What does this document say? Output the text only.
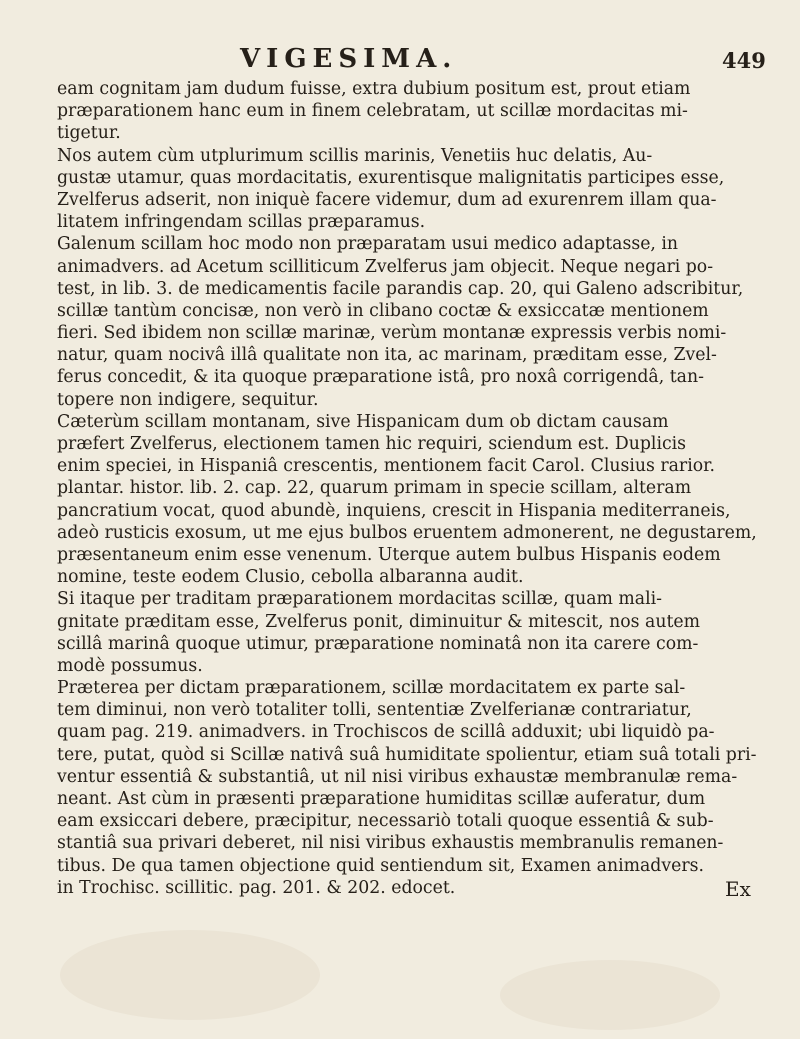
VIGESIMA.	449
eam cognitam jam dudum fuisse, extra dubium positum est, prout etiam
præparationem hanc eum in finem celebratam, ut scillæ mordacitas mi-
tigetur.
Nos autem cùm utplurimum scillis marinis, Venetiis huc delatis, Au-
gustæ utamur, quas mordacitatis, exurentisque malignitatis participes esse,
Zvelferus adserit, non iniquè facere videmur, dum ad exurenrem illam qua-
litatem infringendam scillas præparamus.
Galenum scillam hoc modo non præparatam usui medico adaptasse, in
animadvers. ad Acetum scilliticum Zvelferus jam objecit. Neque negari po-
test, in lib. 3. de medicamentis facile parandis cap. 20, qui Galeno adscribitur,
scillæ tantùm concisæ, non verò in clibano coctæ & exsiccatæ mentionem
fieri. Sed ibidem non scillæ marinæ, verùm montanæ expressis verbis nomi-
natur, quam nocivâ illâ qualitate non ita, ac marinam, præditam esse, Zvel-
ferus concedit, & ita quoque præparatione istâ, pro noxâ corrigendâ, tan-
topere non indigere, sequitur.
Cæterùm scillam montanam, sive Hispanicam dum ob dictam causam
præfert Zvelferus, electionem tamen hic requiri, sciendum est. Duplicis
enim speciei, in Hispaniâ crescentis, mentionem facit Carol. Clusius rarior.
plantar. histor. lib. 2. cap. 22, quarum primam in specie scillam, alteram
pancratium vocat, quod abundè, inquiens, crescit in Hispania mediterraneis,
adeò rusticis exosum, ut me ejus bulbos eruentem admonerent, ne degustarem,
præsentaneum enim esse venenum. Uterque autem bulbus Hispanis eodem
nomine, teste eodem Clusio, cebolla albaranna audit.
Si itaque per traditam præparationem mordacitas scillæ, quam mali-
gnitate præditam esse, Zvelferus ponit, diminuitur & mitescit, nos autem
scillâ marinâ quoque utimur, præparatione nominatâ non ita carere com-
modè possumus.
Præterea per dictam præparationem, scillæ mordacitatem ex parte sal-
tem diminui, non verò totaliter tolli, sententiæ Zvelferianæ contrariatur,
quam pag. 219. animadvers. in Trochiscos de scillâ adduxit; ubi liquidò pa-
tere, putat, quòd si Scillæ nativâ suâ humiditate spolientur, etiam suâ totali pri-
ventur essentiâ & substantiâ, ut nil nisi viribus exhaustæ membranulæ rema-
neant. Ast cùm in præsenti præparatione humiditas scillæ auferatur, dum
eam exsiccari debere, præcipitur, necessariò totali quoque essentiâ & sub-
stantiâ sua privari deberet, nil nisi viribus exhaustis membranulis remanen-
tibus. De qua tamen objectione quid sentiendum sit, Examen animadvers.
in Trochisc. scillitic. pag. 201. & 202. edocet.	Ex
